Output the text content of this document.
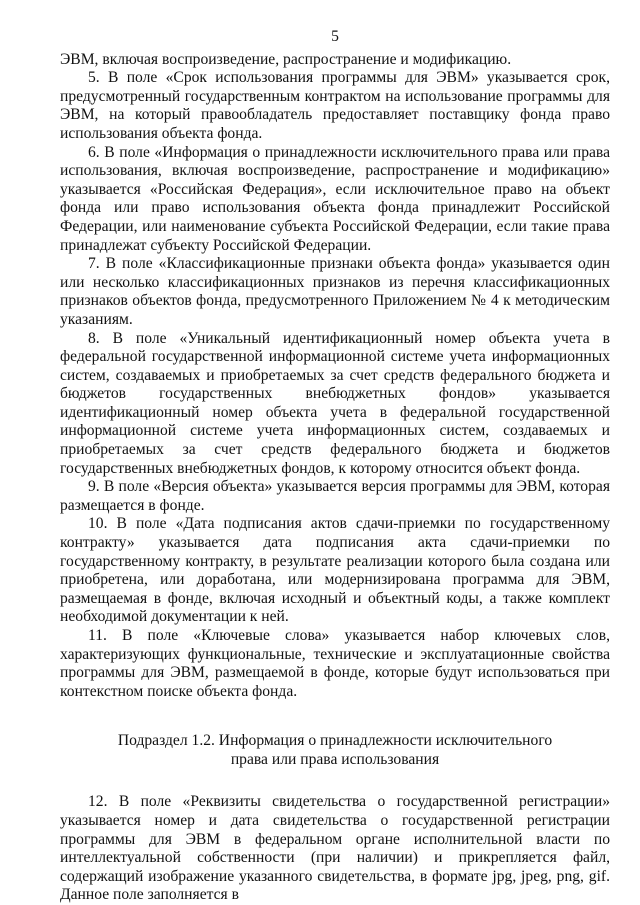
5

ЭВМ, включая воспроизведение, распространение и модификацию.

5. В поле «Срок использования программы для ЭВМ» указывается срок, предусмотренный государственным контрактом на использование программы для ЭВМ, на который правообладатель предоставляет поставщику фонда право использования объекта фонда.

6. В поле «Информация о принадлежности исключительного права или права использования, включая воспроизведение, распространение и модификацию» указывается «Российская Федерация», если исключительное право на объект фонда или право использования объекта фонда принадлежит Российской Федерации, или наименование субъекта Российской Федерации, если такие права принадлежат субъекту Российской Федерации.

7. В поле «Классификационные признаки объекта фонда» указывается один или несколько классификационных признаков из перечня классификационных признаков объектов фонда, предусмотренного Приложением № 4 к методическим указаниям.

8. В поле «Уникальный идентификационный номер объекта учета в федеральной государственной информационной системе учета информационных систем, создаваемых и приобретаемых за счет средств федерального бюджета и бюджетов государственных внебюджетных фондов» указывается идентификационный номер объекта учета в федеральной государственной информационной системе учета информационных систем, создаваемых и приобретаемых за счет средств федерального бюджета и бюджетов государственных внебюджетных фондов, к которому относится объект фонда.

9. В поле «Версия объекта» указывается версия программы для ЭВМ, которая размещается в фонде.

10. В поле «Дата подписания актов сдачи-приемки по государственному контракту» указывается дата подписания акта сдачи-приемки по государственному контракту, в результате реализации которого была создана или приобретена, или доработана, или модернизирована программа для ЭВМ, размещаемая в фонде, включая исходный и объектный коды, а также комплект необходимой документации к ней.

11. В поле «Ключевые слова» указывается набор ключевых слов, характеризующих функциональные, технические и эксплуатационные свойства программы для ЭВМ, размещаемой в фонде, которые будут использоваться при контекстном поиске объекта фонда.

Подраздел 1.2. Информация о принадлежности исключительного
права или права использования

12. В поле «Реквизиты свидетельства о государственной регистрации» указывается номер и дата свидетельства о государственной регистрации программы для ЭВМ в федеральном органе исполнительной власти по интеллектуальной собственности (при наличии) и прикрепляется файл, содержащий изображение указанного свидетельства, в формате jpg, jpeg, png, gif. Данное поле заполняется в
